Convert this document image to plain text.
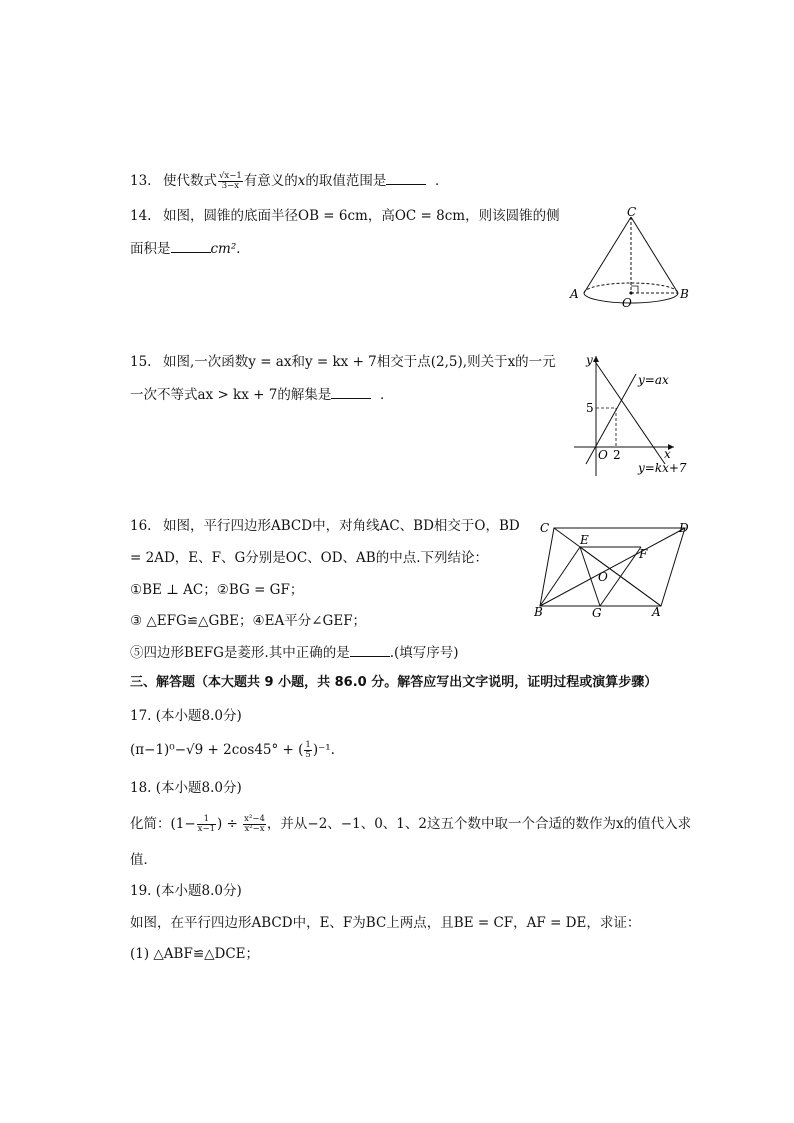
13. 使代数式 $\frac{√x-1}{3-x}$ 有意义的x的取值范围是	．
14. 如图，圆锥的底面半径OB = 6cm，高OC = 8cm，则该圆锥的侧
面积是	cm²．
C
A
O
B
15. 如图,一次函数y = ax和y = kx + 7相交于点(2,5),则关于x的一元
一次不等式ax > kx + 7的解集是	．
y
x
5
O 2
y=ax
y=kx+7
16. 如图，平行四边形ABCD中，对角线AC、BD相交于O，BD
= 2AD，E、F、G分别是OC、OD、AB的中点.下列结论：
①BE ⊥ AC；②BG = GF；
③ △EFG≌△GBE；④EA平分∠GEF；
⑤四边形BEFG是菱形.其中正确的是	.(填写序号)
C	D
E
F
O
B	G	A
三、解答题（本大题共 9 小题，共 86.0 分。解答应写出文字说明，证明过程或演算步骤）
17. (本小题8.0分)
(π−1)⁰−√9 + 2cos45° + ( $\frac{1}{5} )^{-1}$.
18. (本小题8.0分)
化简：($1- \frac{1}{x-1}$ ) ÷ $\frac{\text{x²−4}}{\text{x²−x}}$ ，并从−2、−1、0、1、2这五个数中取一个合适的数作为x的值代入求
值．
19. (本小题8.0分)
如图，在平行四边形ABCD中，E、F为BC上两点，且BE = CF，AF = DE，求证：
(1) △ABF≌△DCE；
